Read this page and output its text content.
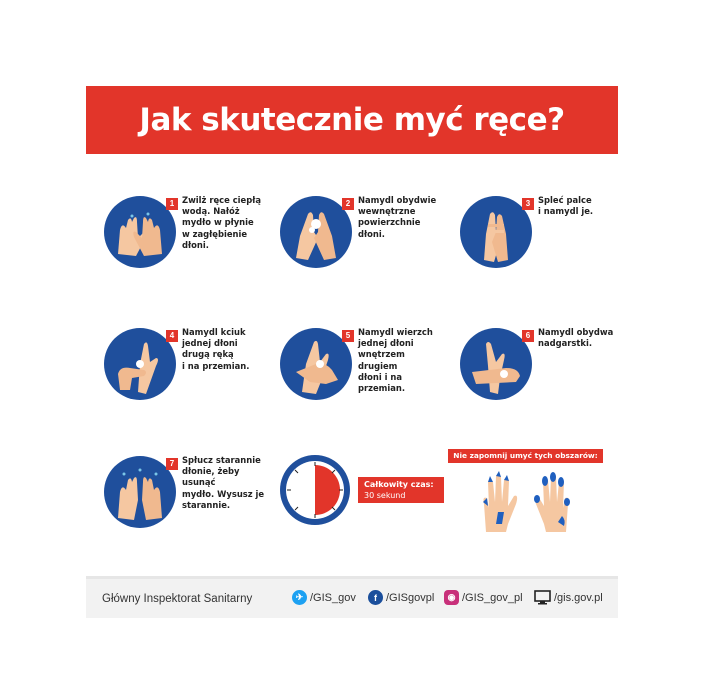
Jak skutecznie myć ręce?
1 Zwilż ręce ciepłą
wodą. Nałóż
mydło w płynie
w zagłębienie
dłoni.
2 Namydl obydwie
wewnętrzne
powierzchnie dłoni.
3 Spleć palce
i namydl je.
4 Namydl kciuk
jednej dłoni
drugą ręką
i na przemian.
5 Namydl wierzch
jednej dłoni
wnętrzem drugiem
dłoni i na przemian.
6 Namydl obydwa
nadgarstki.
7 Spłucz starannie
dłonie, żeby usunąć
mydło. Wysusz je
starannie.
Całkowity czas:
30 sekund
Nie zapomnij umyć tych obszarów:
Główny Inspektorat Sanitarny	✈ /GIS_gov	f /GISgovpl	◉ /GIS_gov_pl	/gis.gov.pl
